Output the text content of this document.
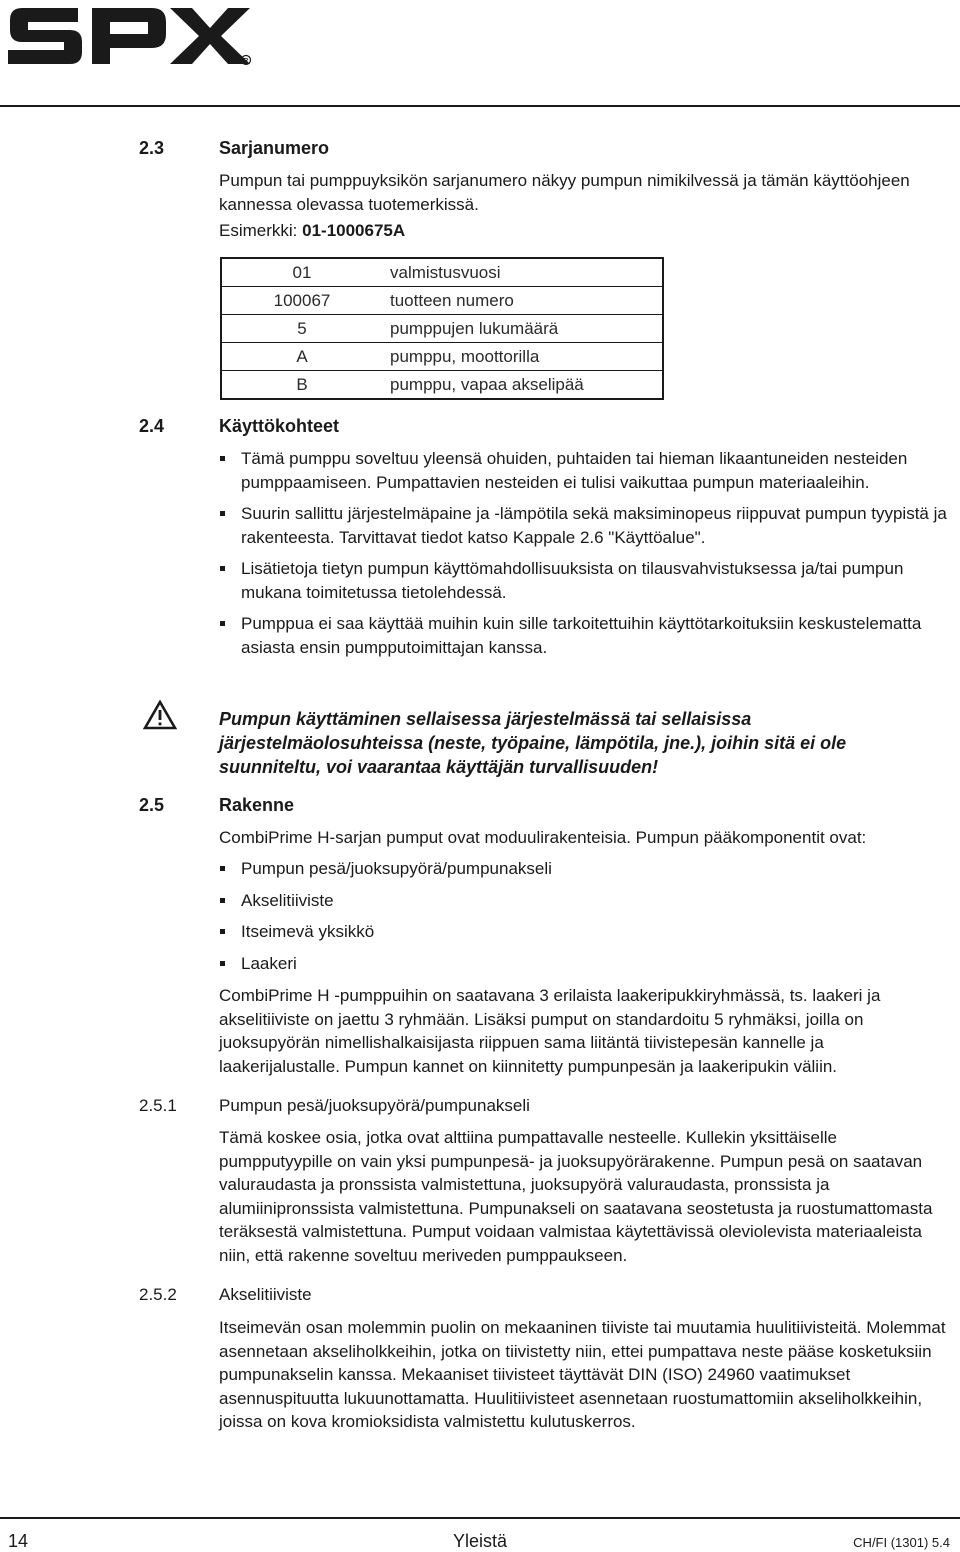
R
2.3	Sarjanumero

Pumpun tai pumppuyksikön sarjanumero näkyy pumpun nimikilvessä ja tämän käyttöohjeen kannessa olevassa tuotemerkissä.

Esimerkki: 01-1000675A

01	valmistusvuosi
100067	tuotteen numero
5	pumppujen lukumäärä
A	pumppu, moottorilla
B	pumppu, vapaa akselipää
2.4	Käyttökohteet
Tämä pumppu soveltuu yleensä ohuiden, puhtaiden tai hieman likaantuneiden nesteiden pumppaamiseen. Pumpattavien nesteiden ei tulisi vaikuttaa pumpun materiaaleihin.
Suurin sallittu järjestelmäpaine ja -lämpötila sekä maksiminopeus riippuvat pumpun tyypistä ja rakenteesta. Tarvittavat tiedot katso Kappale 2.6 "Käyttöalue".
Lisätietoja tietyn pumpun käyttömahdollisuuksista on tilausvahvistuksessa ja/tai pumpun mukana toimitetussa tietolehdessä.
Pumppua ei saa käyttää muihin kuin sille tarkoitettuihin käyttötarkoituksiin keskustelematta asiasta ensin pumpputoimittajan kanssa.

Pumpun käyttäminen sellaisessa järjestelmässä tai sellaisissa järjestelmäolosuhteissa (neste, työpaine, lämpötila, jne.), joihin sitä ei ole suunniteltu, voi vaarantaa käyttäjän turvallisuuden!

2.5	Rakenne

CombiPrime H-sarjan pumput ovat moduulirakenteisia. Pumpun pääkomponentit ovat:

Pumpun pesä/juoksupyörä/pumpunakseli
Akselitiiviste
Itseimevä yksikkö
Laakeri

CombiPrime H -pumppuihin on saatavana 3 erilaista laakeripukkiryhmässä, ts. laakeri ja akselitiiviste on jaettu 3 ryhmään. Lisäksi pumput on standardoitu 5 ryhmäksi, joilla on juoksupyörän nimellishalkaisijasta riippuen sama liitäntä tiivistepesän kannelle ja laakerijalustalle. Pumpun kannet on kiinnitetty pumpunpesän ja laakeripukin väliin.

2.5.1 Pumpun pesä/juoksupyörä/pumpunakseli

Tämä koskee osia, jotka ovat alttiina pumpattavalle nesteelle. Kullekin yksittäiselle pumpputyypille on vain yksi pumpunpesä- ja juoksupyörärakenne. Pumpun pesä on saatavan valuraudasta ja pronssista valmistettuna, juoksupyörä valuraudasta, pronssista ja alumiinipronssista valmistettuna. Pumpunakseli on saatavana seostetusta ja ruostumattomasta teräksestä valmistettuna. Pumput voidaan valmistaa käytettävissä oleviolevista materiaaleista niin, että rakenne soveltuu meriveden pumppaukseen.

2.5.2 Akselitiiviste

Itseimevän osan molemmin puolin on mekaaninen tiiviste tai muutamia huulitiivisteitä. Molemmat asennetaan akseliholkkeihin, jotka on tiivistetty niin, ettei pumpattava neste pääse kosketuksiin pumpunakselin kanssa. Mekaaniset tiivisteet täyttävät DIN (ISO) 24960 vaatimukset asennuspituutta lukuunottamatta. Huulitiivisteet asennetaan ruostumattomiin akseliholkkeihin, joissa on kova kromioksidista valmistettu kulutuskerros.

14	Yleistä	CH/FI (1301) 5.4
